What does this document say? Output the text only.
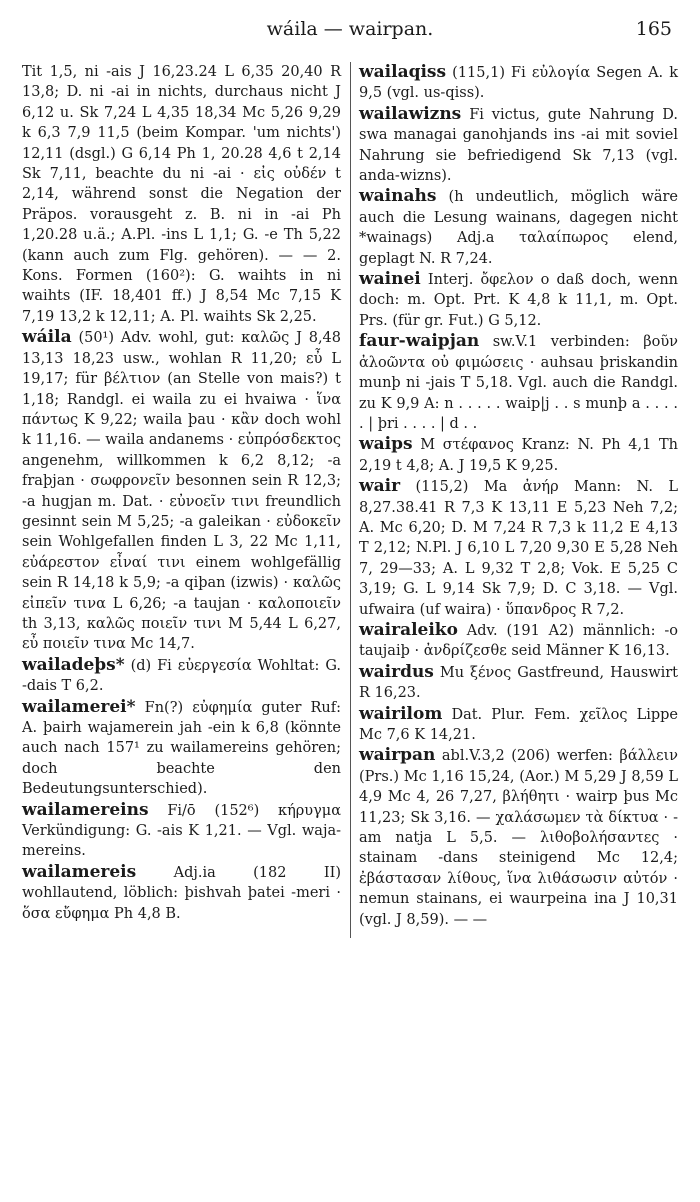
wáila — wairpan.	165

Tit 1,5, ni -ais J 16,23.24 L 6,35 20,40 R 13,8; D. ni -ai in nichts, durchaus nicht J 6,12 u. Sk 7,24 L 4,35 18,34 Mc 5,26 9,29 k 6,3 7,9 11,5 (beim Kompar. 'um nichts') 12,11 (dsgl.) G 6,14 Ph 1, 20.28 4,6 t 2,14 Sk 7,11, beachte du ni -ai · εἰς οὐδέν t 2,14, während sonst die Negation der Präpos. vorausgeht z. B. ni in -ai Ph 1,20.28 u.ä.; A.Pl. -ins L 1,1; G. -e Th 5,22 (kann auch zum Flg. gehören). — — 2. Kons. Formen (160²): G. waihts in ni waihts (IF. 18,401 ff.) J 8,54 Mc 7,15 K 7,19 13,2 k 12,11; A. Pl. waihts Sk 2,25.

wáila (50¹) Adv. wohl, gut: καλῶς J 8,48 13,13 18,23 usw., wohlan R 11,20; εὖ L 19,17; für βέλτιον (an Stelle von mais?) t 1,18; Randgl. ei waila zu ei hvaiwa · ἵνα πάντως K 9,22; waila þau · κἂν doch wohl k 11,16. — waila andanems · εὐπρόσδεκτος angenehm, willkommen k 6,2 8,12; -a fraþjan · σωφρονεῖν besonnen sein R 12,3; -a hugjan m. Dat. · εὐνοεῖν τινι freundlich gesinnt sein M 5,25; -a galeikan · εὐδοκεῖν sein Wohlgefallen finden L 3, 22 Mc 1,11, εὐάρεστον εἶναί τινι einem wohlgefällig sein R 14,18 k 5,9; -a qiþan (izwis) · καλῶς εἰπεῖν τινα L 6,26; -a taujan · καλοποιεῖν th 3,13, καλῶς ποιεῖν τινι M 5,44 L 6,27, εὖ ποιεῖν τινα Mc 14,7.

wailadeþs* (d) Fi εὐεργεσία Wohltat: G. -dais T 6,2.

wailamerei* Fn(?) εὐφημία guter Ruf: A. þairh wajamerein jah -ein k 6,8 (könnte auch nach 157¹ zu wailamereins gehören; doch beachte den Bedeutungsunterschied).

wailamereins Fi/ō (152⁶) κήρυγμα Verkündigung: G. -ais K 1,21. — Vgl. waja-mereins.

wailamereis	Adj.ia (182 II) wohllautend, löblich: þishvah þatei -meri · ὅσα εὔφημα Ph 4,8 B.

wailaqiss (115,1) Fi εὐλογία Segen A. k 9,5 (vgl. us-qiss).

wailawizns Fi victus, gute Nahrung D. swa managai ganohjands ins -ai mit soviel Nahrung sie befriedigend Sk 7,13 (vgl. anda-wizns).

wainahs (h undeutlich, möglich wäre auch die Lesung wainans, dagegen nicht *wainags) Adj.a ταλαίπωρος elend, geplagt N. R 7,24.

wainei Interj. ὄφελον o daß doch, wenn doch: m. Opt. Prt. K 4,8 k 11,1, m. Opt. Prs. (für gr. Fut.) G 5,12.

faur-waipjan sw.V.1 verbinden: βοῦν ἀλοῶντα οὐ φιμώσεις · auhsau þriskandin munþ ni -jais T 5,18. Vgl. auch die Randgl. zu K 9,9 A: n . . . . . waip|j . . s munþ a . . . . . | þri . . . . | d . .

waips M στέφανος Kranz: N. Ph 4,1 Th 2,19 t 4,8; A. J 19,5 K 9,25.

wair (115,2) Ma ἀνήρ Mann: N. L 8,27.38.41 R 7,3 K 13,11 E 5,23 Neh 7,2; A. Mc 6,20; D. M 7,24 R 7,3 k 11,2 E 4,13 T 2,12; N.Pl. J 6,10 L 7,20 9,30 E 5,28 Neh 7, 29—33; A. L 9,32 T 2,8; Vok. E 5,25 C 3,19; G. L 9,14 Sk 7,9; D. C 3,18. — Vgl. ufwaira (uf waira) · ὕπανδρος R 7,2.

wairaleiko Adv. (191 A2) männlich: -o taujaiþ · ἀνδρίζεσθε seid Männer K 16,13.

wairdus Mu ξένος Gastfreund, Hauswirt R 16,23.

wairilom Dat. Plur. Fem. χεῖλος Lippe Mc 7,6 K 14,21.

wairpan abl.V.3,2 (206) werfen: βάλλειν (Prs.) Mc 1,16 15,24, (Aor.) M 5,29 J 8,59 L 4,9 Mc 4, 26 7,27, βλήθητι · wairp þus Mc 11,23; Sk 3,16. — χαλάσωμεν τὰ δίκτυα · -am natja L 5,5. — λιθοβολήσαντες · stainam -dans steinigend Mc 12,4; ἐβάστασαν λίθους, ἵνα λιθάσωσιν αὐτόν · nemun stainans, ei waurpeina ina J 10,31 (vgl. J 8,59). — —
